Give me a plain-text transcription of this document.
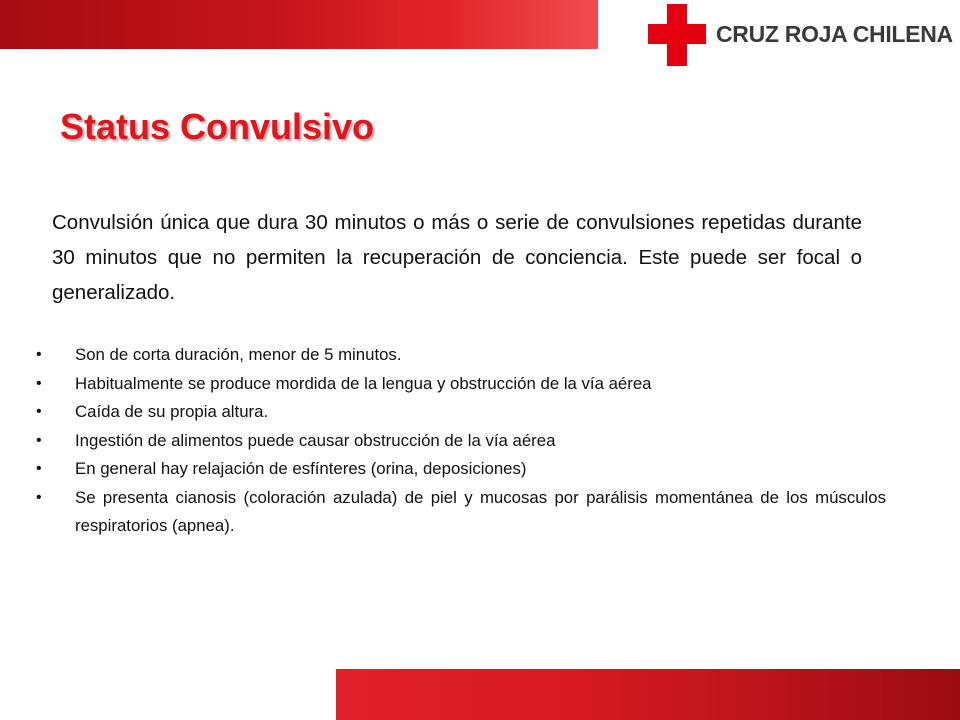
CRUZ ROJA CHILENA
Status Convulsivo

Convulsión única que dura 30 minutos o más o serie de convulsiones repetidas durante 30 minutos que no permiten la recuperación de conciencia. Este puede ser focal o generalizado.

• Son de corta duración, menor de 5 minutos.
• Habitualmente se produce mordida de la lengua y obstrucción de la vía aérea
• Caída de su propia altura.
• Ingestión de alimentos puede causar obstrucción de la vía aérea
• En general hay relajación de esfínteres (orina, deposiciones)
• Se presenta cianosis (coloración azulada) de piel y mucosas por parálisis momentánea de los músculos respiratorios (apnea).
